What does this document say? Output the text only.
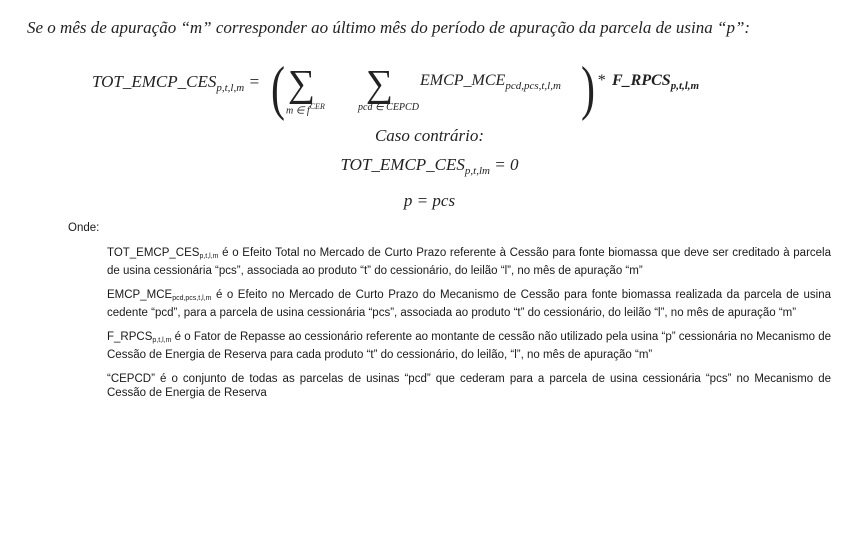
Se o mês de apuração “m” corresponder ao último mês do período de apuração da parcela de usina “p”:
$TOT\_EMCP\_CES_{p,t,l,m}$ = ( ∑
m ∈ $f^{CER}$
∑
pcd ∈ CEPCD
$EMCP\_MCE_{pcd,pcs,t,l,m}$ ) * $F\_RPCS_{p,t,l,m}$
Caso contrário:
$TOT\_EMCP\_CES_{p,t,lm} = 0$
p = pcs
Onde:

$TOT\_EMCP\_CES_{p,t,l,m}$ é o Efeito Total no Mercado de Curto Prazo referente à Cessão para fonte biomassa que deve ser creditado à parcela de usina cessionária “pcs”, associada ao produto “t” do cessionário, do leilão “l”, no mês de apuração “m”

$EMCP\_MCE_{pcd,pcs,t,l,m}$ é o Efeito no Mercado de Curto Prazo do Mecanismo de Cessão para fonte biomassa realizada da parcela de usina cedente “pcd”, para a parcela de usina cessionária “pcs”, associada ao produto “t” do cessionário, do leilão “l”, no mês de apuração “m”

$F\_RPCS_{p,t,l,m}$ é o Fator de Repasse ao cessionário referente ao montante de cessão não utilizado pela usina “p” cessionária no Mecanismo de Cessão de Energia de Reserva para cada produto “t” do cessionário, do leilão, “l”, no mês de apuração “m”

“CEPCD” é o conjunto de todas as parcelas de usinas “pcd” que cederam para a parcela de usina cessionária “pcs” no Mecanismo de Cessão de Energia de Reserva
